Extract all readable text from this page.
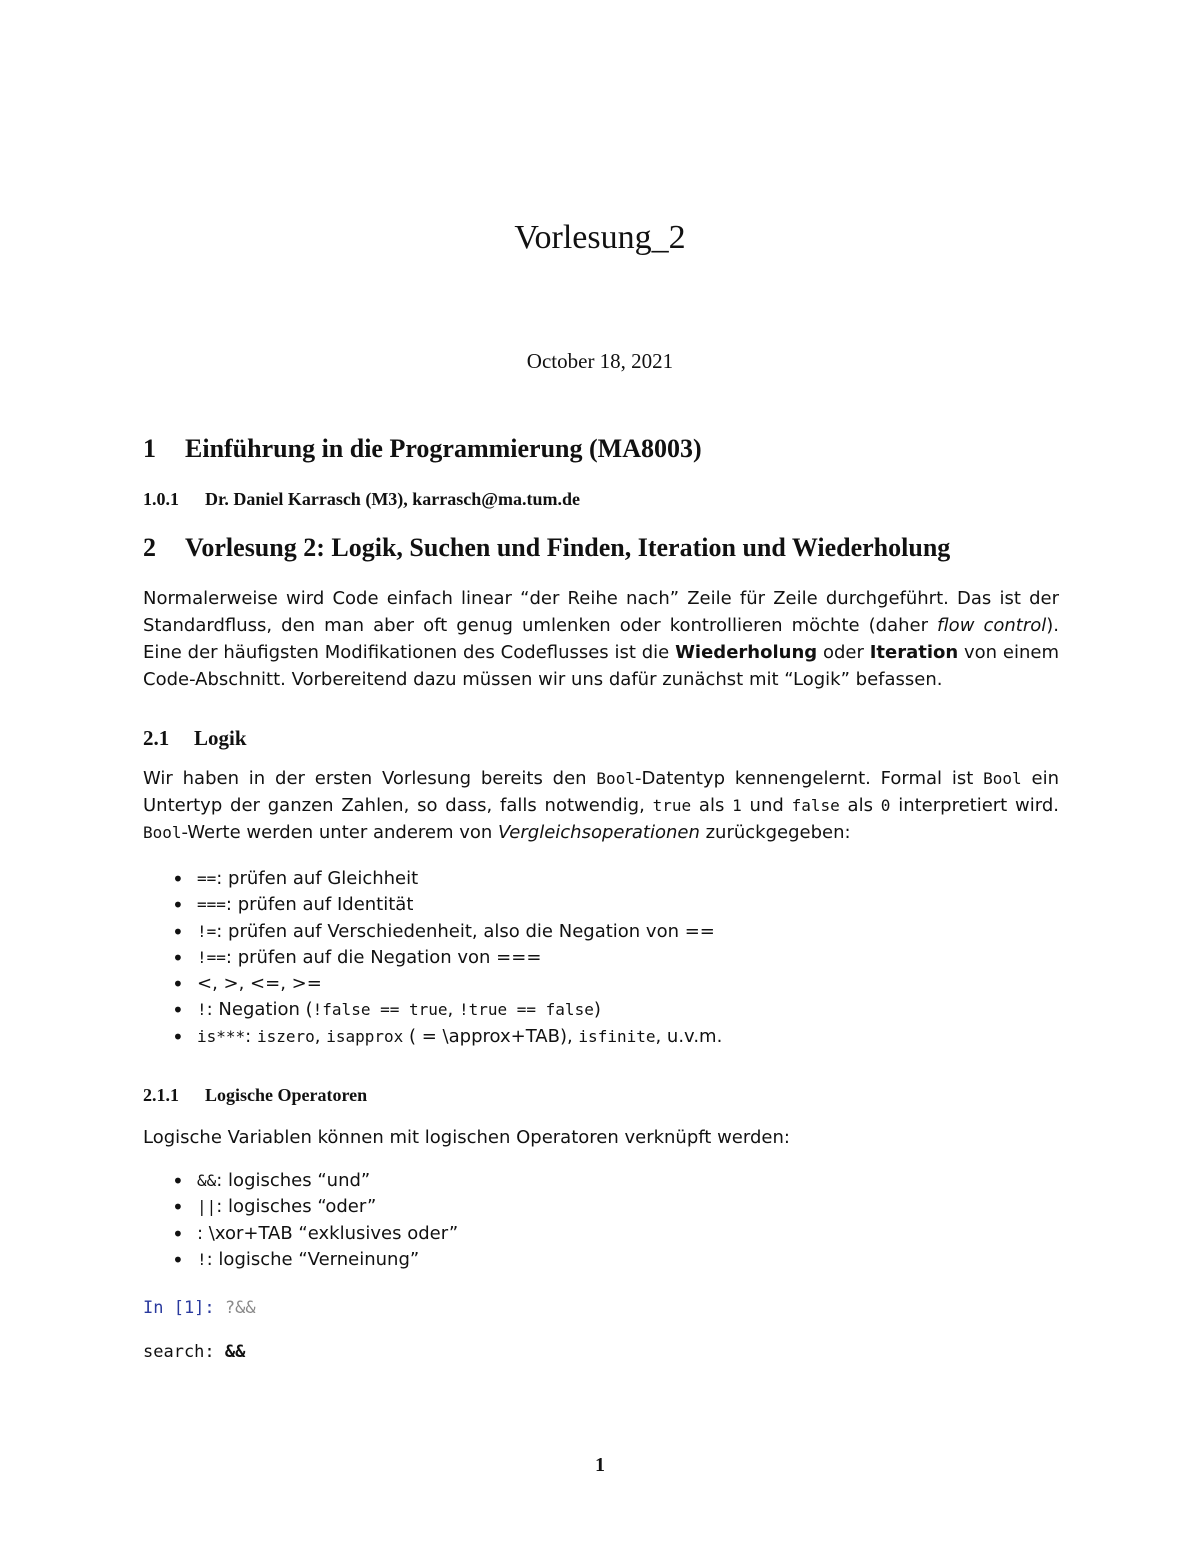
Vorlesung_2
October 18, 2021
1 Einführung in die Programmierung (MA8003)
1.0.1 Dr. Daniel Karrasch (M3), karrasch@ma.tum.de
2 Vorlesung 2: Logik, Suchen und Finden, Iteration und Wiederholung
Normalerweise wird Code einfach linear “der Reihe nach” Zeile für Zeile durchgeführt. Das ist der Standardfluss, den man aber oft genug umlenken oder kontrollieren möchte (daher flow control). Eine der häufigsten Modifikationen des Codeflusses ist die Wiederholung oder Iteration von einem Code-Abschnitt. Vorbereitend dazu müssen wir uns dafür zunächst mit “Logik” befassen.
2.1 Logik
Wir haben in der ersten Vorlesung bereits den Bool-Datentyp kennengelernt. Formal ist Bool ein Untertyp der ganzen Zahlen, so dass, falls notwendig, true als 1 und false als 0 interpretiert wird. Bool-Werte werden unter anderem von Vergleichsoperationen zurückgegeben:
• ==: prüfen auf Gleichheit
• ===: prüfen auf Identität
• !=: prüfen auf Verschiedenheit, also die Negation von ==
• !==: prüfen auf die Negation von ===
• <, >, <=, >=
• !: Negation (!false == true, !true == false)
• is***: iszero, isapprox ( = \approx+TAB), isfinite, u.v.m.
2.1.1 Logische Operatoren
Logische Variablen können mit logischen Operatoren verknüpft werden:
• &&: logisches “und”
• ||: logisches “oder”
• : \xor+TAB “exklusives oder”
• !: logische “Verneinung”
In [1]: ?&&
search: &&
1
